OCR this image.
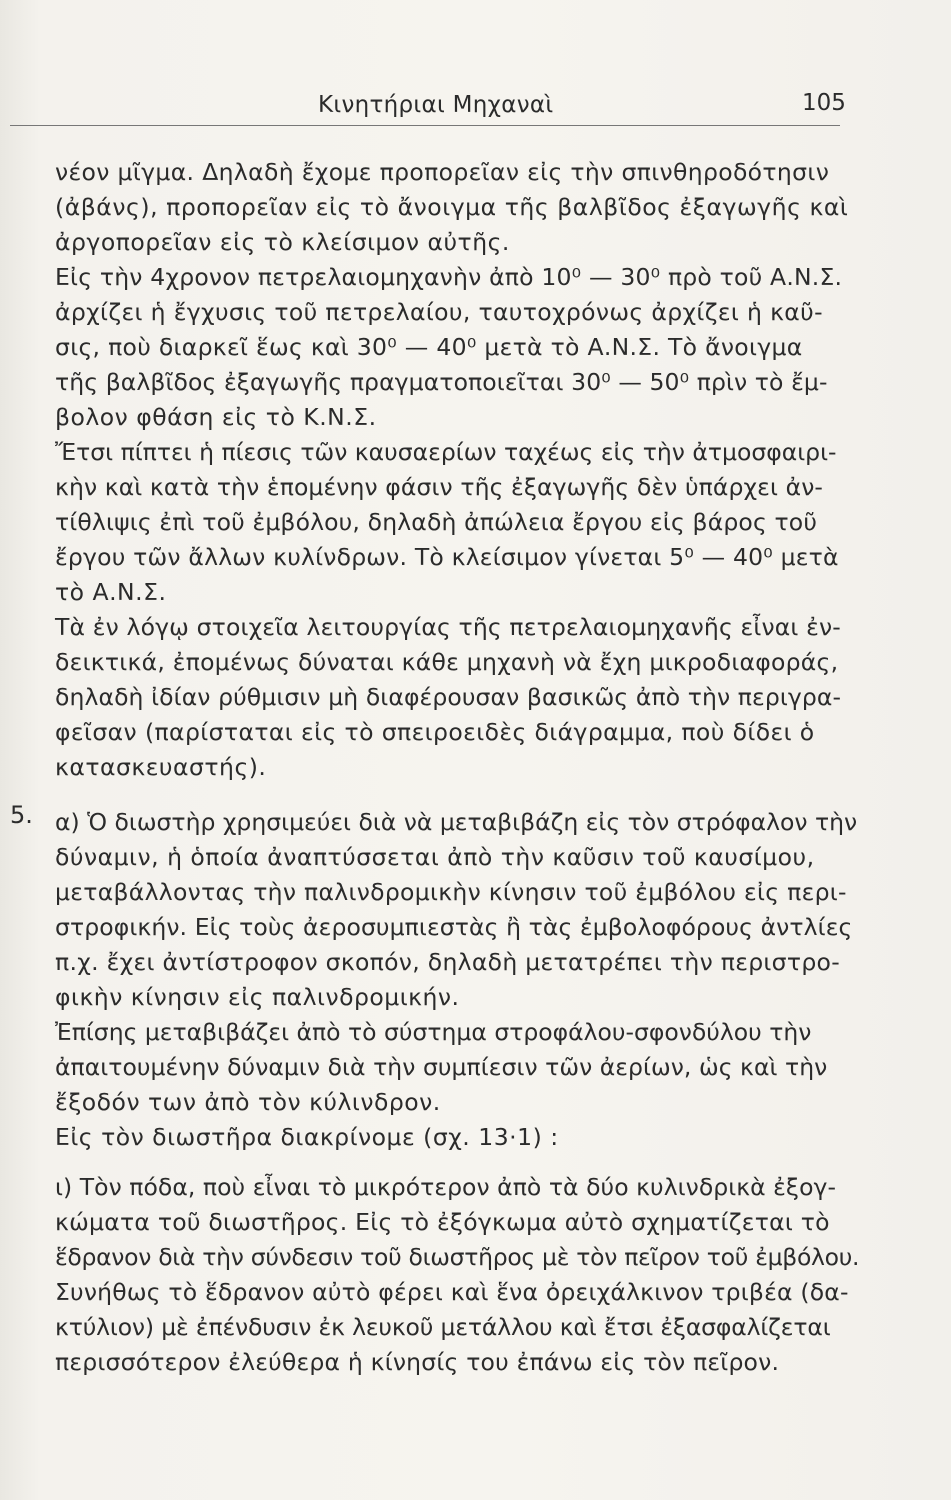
Κινητήριαι Μηχαναὶ	105
5.
νέον μῖγμα. Δηλαδὴ ἔχομε προπορεῖαν εἰς τὴν σπινθηροδότησιν
(ἀβάνς), προπορεῖαν εἰς τὸ ἄνοιγμα τῆς βαλβῖδος ἐξαγωγῆς καὶ
ἀργοπορεῖαν εἰς τὸ κλείσιμον αὐτῆς.
Εἰς τὴν 4χρονον πετρελαιομηχανὴν ἀπὸ 10⁰ — 30⁰ πρὸ τοῦ Α.Ν.Σ.
ἀρχίζει ἡ ἔγχυσις τοῦ πετρελαίου, ταυτοχρόνως ἀρχίζει ἡ καῦ-
σις, ποὺ διαρκεῖ ἕως καὶ 30⁰ — 40⁰ μετὰ τὸ Α.Ν.Σ. Τὸ ἄνοιγμα
τῆς βαλβῖδος ἐξαγωγῆς πραγματοποιεῖται 30⁰ — 50⁰ πρὶν τὸ ἔμ-
βολον φθάση εἰς τὸ Κ.Ν.Σ.
Ἔτσι πίπτει ἡ πίεσις τῶν καυσαερίων ταχέως εἰς τὴν ἀτμοσφαιρι-
κὴν καὶ κατὰ τὴν ἑπομένην φάσιν τῆς ἐξαγωγῆς δὲν ὑπάρχει ἀν-
τίθλιψις ἐπὶ τοῦ ἐμβόλου, δηλαδὴ ἀπώλεια ἔργου εἰς βάρος τοῦ
ἔργου τῶν ἄλλων κυλίνδρων. Τὸ κλείσιμον γίνεται 5⁰ — 40⁰ μετὰ
τὸ Α.Ν.Σ.
Τὰ ἐν λόγῳ στοιχεῖα λειτουργίας τῆς πετρελαιομηχανῆς εἶναι ἐν-
δεικτικά, ἐπομένως δύναται κάθε μηχανὴ νὰ ἔχη μικροδιαφοράς,
δηλαδὴ ἰδίαν ρύθμισιν μὴ διαφέρουσαν βασικῶς ἀπὸ τὴν περιγρα-
φεῖσαν (παρίσταται εἰς τὸ σπειροειδὲς διάγραμμα, ποὺ δίδει ὁ
κατασκευαστής).
α) Ὁ διωστὴρ χρησιμεύει διὰ νὰ μεταβιβάζη εἰς τὸν στρόφαλον τὴν
δύναμιν, ἡ ὁποία ἀναπτύσσεται ἀπὸ τὴν καῦσιν τοῦ καυσίμου,
μεταβάλλοντας τὴν παλινδρομικὴν κίνησιν τοῦ ἐμβόλου εἰς περι-
στροφικήν. Εἰς τοὺς ἀεροσυμπιεστὰς ἢ τὰς ἐμβολοφόρους ἀντλίες
π.χ. ἔχει ἀντίστροφον σκοπόν, δηλαδὴ μετατρέπει τὴν περιστρο-
φικὴν κίνησιν εἰς παλινδρομικήν.
Ἐπίσης μεταβιβάζει ἀπὸ τὸ σύστημα στροφάλου-σφονδύλου τὴν
ἀπαιτουμένην δύναμιν διὰ τὴν συμπίεσιν τῶν ἀερίων, ὡς καὶ τὴν
ἔξοδόν των ἀπὸ τὸν κύλινδρον.
Εἰς τὸν διωστῆρα διακρίνομε (σχ. 13·1) :
ι) Τὸν πόδα, ποὺ εἶναι τὸ μικρότερον ἀπὸ τὰ δύο κυλινδρικὰ ἐξογ-
κώματα τοῦ διωστῆρος. Εἰς τὸ ἐξόγκωμα αὐτὸ σχηματίζεται τὸ
ἕδρανον διὰ τὴν σύνδεσιν τοῦ διωστῆρος μὲ τὸν πεῖρον τοῦ ἐμβόλου.
Συνήθως τὸ ἕδρανον αὐτὸ φέρει καὶ ἕνα ὀρειχάλκινον τριβέα (δα-
κτύλιον) μὲ ἐπένδυσιν ἐκ λευκοῦ μετάλλου καὶ ἔτσι ἐξασφαλίζεται
περισσότερον ἐλεύθερα ἡ κίνησίς του ἐπάνω εἰς τὸν πεῖρον.
